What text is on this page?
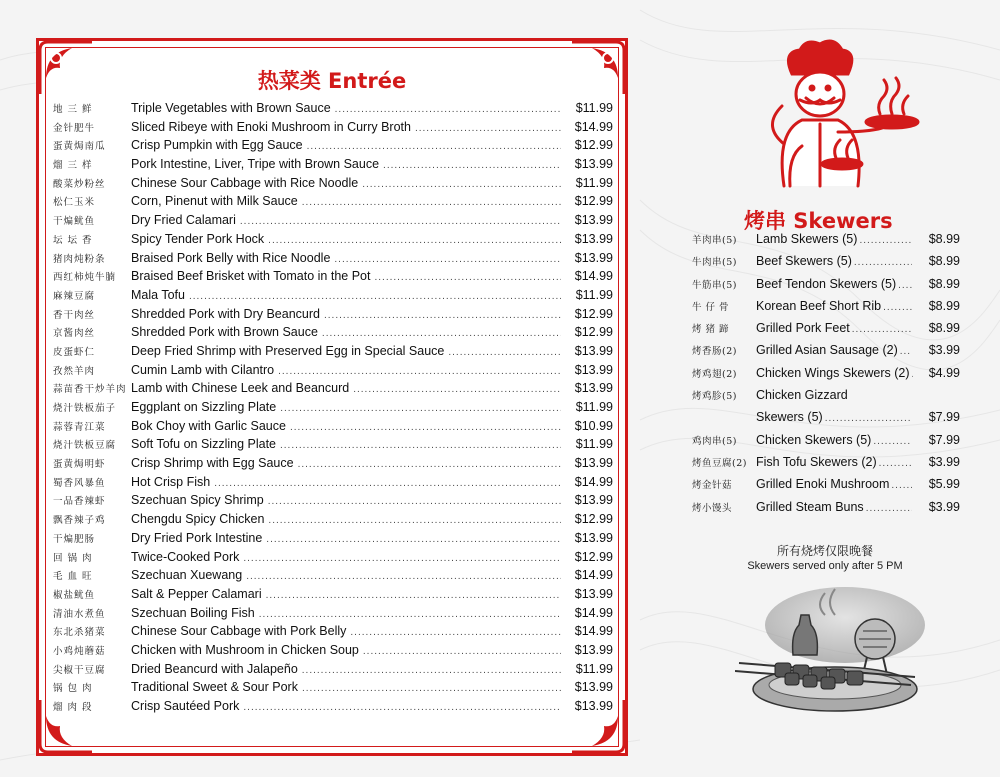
热菜类 Entrée
地 三 鲜	Triple Vegetables with Brown Sauce .....	$11.99
金针肥牛	Sliced Ribeye with Enoki Mushroom in Curry Broth .....	$14.99
蛋黄焗南瓜	Crisp Pumpkin with Egg Sauce .....	$12.99
熘 三 样	Pork Intestine, Liver, Tripe with Brown Sauce .....	$13.99
酸菜炒粉丝	Chinese Sour Cabbage with Rice Noodle .....	$11.99
松仁玉米	Corn, Pinenut with Milk Sauce .....	$12.99
干煸鱿鱼	Dry Fried Calamari .....	$13.99
坛 坛 香	Spicy Tender Pork Hock .....	$13.99
猪肉炖粉条	Braised Pork Belly with Rice Noodle .....	$13.99
西红柿炖牛腩	Braised Beef Brisket with Tomato in the Pot .....	$14.99
麻辣豆腐	Mala Tofu .....	$11.99
香干肉丝	Shredded Pork with Dry Beancurd .....	$12.99
京酱肉丝	Shredded Pork with Brown Sauce .....	$12.99
皮蛋虾仁	Deep Fried Shrimp with Preserved Egg in Special Sauce .....	$13.99
孜然羊肉	Cumin Lamb with Cilantro .....	$13.99
蒜苗香干炒羊肉 Lamb with Chinese Leek and Beancurd .....	$13.99
烧汁铁板茄子	Eggplant on Sizzling Plate .....	$11.99
蒜蓉青江菜	Bok Choy with Garlic Sauce .....	$10.99
烧汁铁板豆腐	Soft Tofu on Sizzling Plate .....	$11.99
蛋黄焗明虾	Crisp Shrimp with Egg Sauce .....	$13.99
蜀香风暴鱼	Hot Crisp Fish .....	$14.99
一品香辣虾	Szechuan Spicy Shrimp .....	$13.99
飘香辣子鸡	Chengdu Spicy Chicken .....	$12.99
干煸肥肠	Dry Fried Pork Intestine .....	$13.99
回 锅 肉	Twice-Cooked Pork .....	$12.99
毛 血 旺	Szechuan Xuewang .....	$14.99
椒盐鱿鱼	Salt & Pepper Calamari .....	$13.99
清油水煮鱼	Szechuan Boiling Fish .....	$14.99
东北杀猪菜	Chinese Sour Cabbage with Pork Belly .....	$14.99
小鸡炖蘑菇	Chicken with Mushroom in Chicken Soup .....	$13.99
尖椒干豆腐	Dried Beancurd with Jalapeño .....	$11.99
锅 包 肉	Traditional Sweet & Sour Pork .....	$13.99
熘 肉 段	Crisp Sautéed Pork .....	$13.99
烤串 Skewers
羊肉串(5)	Lamb Skewers (5) .....	$8.99
牛肉串(5)	Beef Skewers (5) .....	$8.99
牛筋串(5)	Beef Tendon Skewers (5) .....	$8.99
牛 仔 骨	Korean Beef Short Rib .....	$8.99
烤 猪 蹄	Grilled Pork Feet .....	$8.99
烤香肠(2)	Grilled Asian Sausage (2) .....	$3.99
烤鸡翅(2)	Chicken Wings Skewers (2) .....	$4.99
烤鸡胗(5)	Chicken Gizzard
Skewers (5) .....	$7.99
鸡肉串(5)	Chicken Skewers (5) .....	$7.99
烤鱼豆腐(2) Fish Tofu Skewers (2) .....	$3.99
烤金针菇	Grilled Enoki Mushroom .....	$5.99
烤小馒头	Grilled Steam Buns .....	$3.99
所有烧烤仅限晚餐
Skewers served only after 5 PM
